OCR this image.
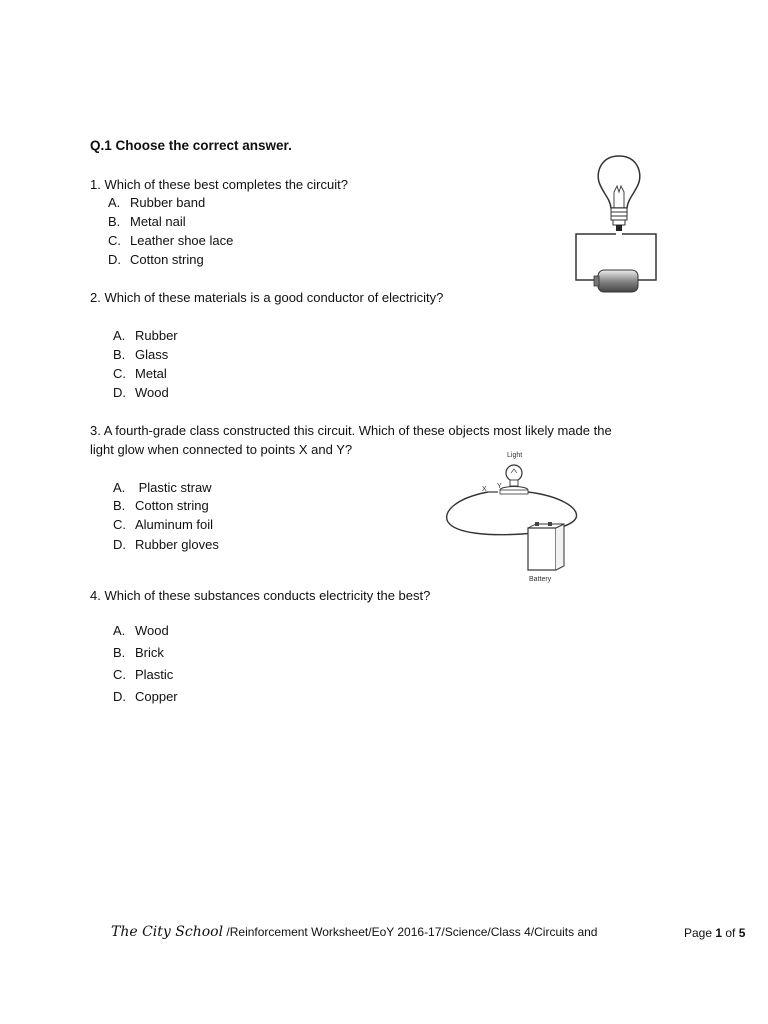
Q.1 Choose the correct answer.
1. Which of these best completes the circuit?
A. Rubber band
B. Metal nail
C. Leather shoe lace
D. Cotton string
2. Which of these materials is a good conductor of electricity?
A. Rubber
B. Glass
C. Metal
D. Wood
3. A fourth-grade class constructed this circuit. Which of these objects most likely made the
light glow when connected to points X and Y?
A. Plastic straw
B. Cotton string
C. Aluminum foil
D. Rubber gloves
Light
X Y
Battery
4. Which of these substances conducts electricity the best?
A. Wood
B. Brick
C. Plastic
D. Copper
The City School /Reinforcement Worksheet/EoY 2016-17/Science/Class 4/Circuits and	Page 1 of 5
